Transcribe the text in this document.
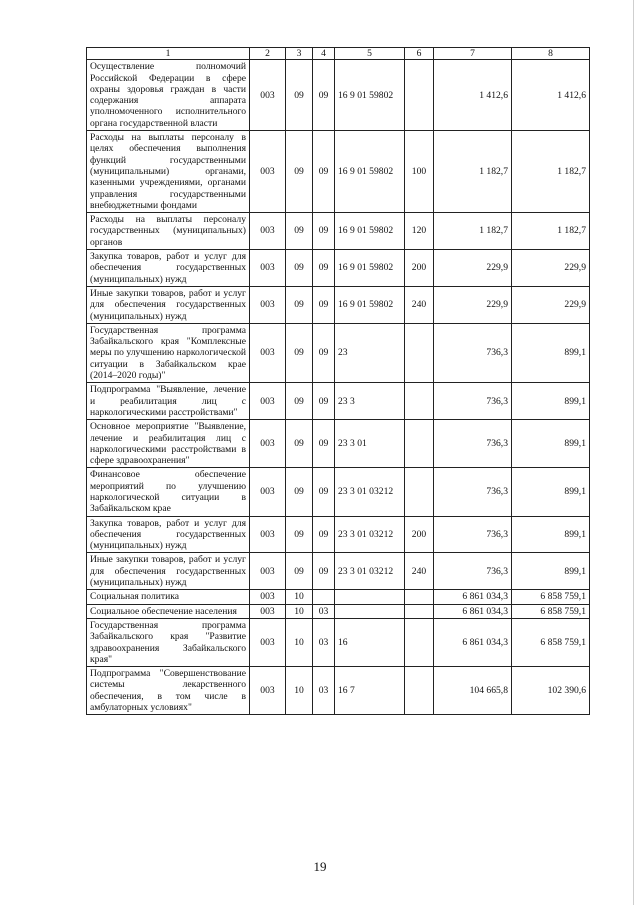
1	2	3	4	5	6	7	8
Осуществление полномочий Российской Федерации в сфере охраны здоровья граждан в части содержания аппарата уполномоченного исполнительного органа государственной власти	003	09	09	16 9 01 59802		1 412,6	1 412,6
Расходы на выплаты персоналу в целях обеспечения выполнения функций государственными (муниципальными) органами, казенными учреждениями, органами управления государственными внебюджетными фондами	003	09	09	16 9 01 59802	100	1 182,7	1 182,7
Расходы на выплаты персоналу государственных (муниципальных) органов	003	09	09	16 9 01 59802	120	1 182,7	1 182,7
Закупка товаров, работ и услуг для обеспечения государственных (муниципальных) нужд	003	09	09	16 9 01 59802	200	229,9	229,9
Иные закупки товаров, работ и услуг для обеспечения государственных (муниципальных) нужд	003	09	09	16 9 01 59802	240	229,9	229,9
Государственная программа Забайкальского края "Комплексные меры по улучшению наркологической ситуации в Забайкальском крае (2014–2020 годы)"	003	09	09	23		736,3	899,1
Подпрограмма "Выявление, лечение и реабилитация лиц с наркологическими расстройствами"	003	09	09	23 3		736,3	899,1
Основное мероприятие "Выявление, лечение и реабилитация лиц с наркологическими расстройствами в сфере здравоохранения"	003	09	09	23 3 01		736,3	899,1
Финансовое обеспечение мероприятий по улучшению наркологической ситуации в Забайкальском крае	003	09	09	23 3 01 03212		736,3	899,1
Закупка товаров, работ и услуг для обеспечения государственных (муниципальных) нужд	003	09	09	23 3 01 03212	200	736,3	899,1
Иные закупки товаров, работ и услуг для обеспечения государственных (муниципальных) нужд	003	09	09	23 3 01 03212	240	736,3	899,1
Социальная политика	003	10				6 861 034,3	6 858 759,1
Социальное обеспечение населения	003	10	03			6 861 034,3	6 858 759,1
Государственная программа Забайкальского края "Развитие здравоохранения Забайкальского края"	003	10	03	16		6 861 034,3	6 858 759,1
Подпрограмма "Совершенствование системы лекарственного обеспечения, в том числе в амбулаторных условиях"	003	10	03	16 7		104 665,8	102 390,6
19
